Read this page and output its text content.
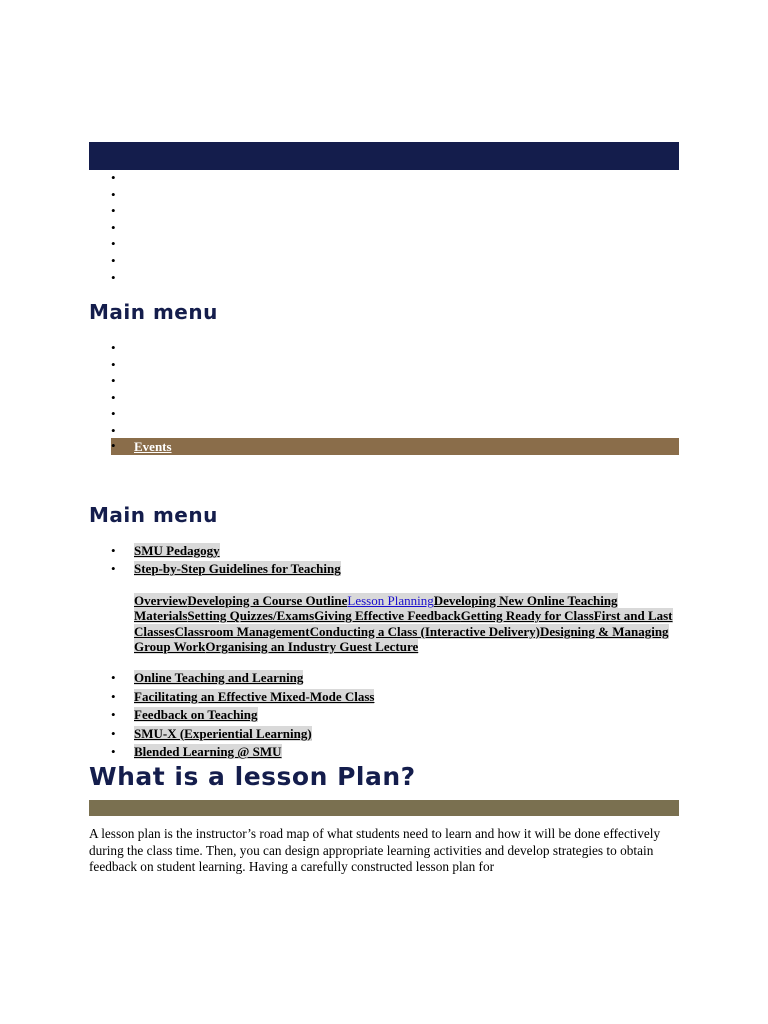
Main menu
• Events
Main menu
• SMU Pedagogy
• Step-by-Step Guidelines for Teaching
OverviewDeveloping a Course OutlineLesson PlanningDeveloping New Online Teaching MaterialsSetting Quizzes/ExamsGiving Effective FeedbackGetting Ready for ClassFirst and Last ClassesClassroom ManagementConducting a Class (Interactive Delivery)Designing & Managing Group WorkOrganising an Industry Guest Lecture
• Online Teaching and Learning
• Facilitating an Effective Mixed-Mode Class
• Feedback on Teaching
• SMU-X (Experiential Learning)
• Blended Learning @ SMU
What is a lesson Plan?
A lesson plan is the instructor’s road map of what students need to learn and how it will be done effectively during the class time. Then, you can design appropriate learning activities and develop strategies to obtain feedback on student learning. Having a carefully constructed lesson plan for
